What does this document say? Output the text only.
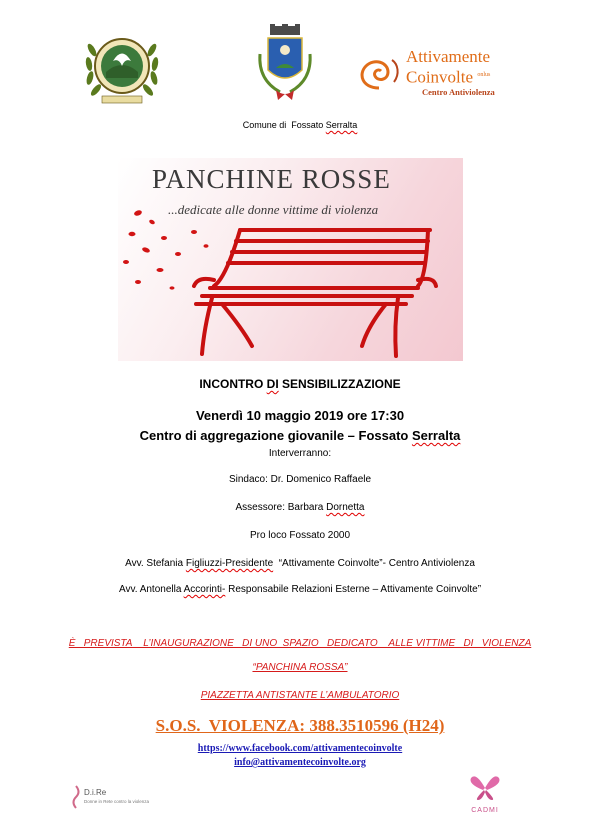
Attivamente
Coinvolte $^{onlus}$
Centro Antiviolenza
Comune di Fossato Serralta
PANCHINE ROSSE
...dedicate alle donne vittime di violenza
INCONTRO DI SENSIBILIZZAZIONE
Venerdì 10 maggio 2019 ore 17:30
Centro di aggregazione giovanile – Fossato Serralta
Interverranno:
Sindaco: Dr. Domenico Raffaele
Assessore: Barbara Dornetta
Pro loco Fossato 2000
Avv. Stefania Figliuzzi-Presidente  “Attivamente Coinvolte”- Centro Antiviolenza
Avv. Antonella Accorinti- Responsabile Relazioni Esterne – Attivamente Coinvolte”
È   PREVISTA    L’INAUGURAZIONE   DI UNO  SPAZIO   DEDICATO    ALLE VITTIME   DI   VIOLENZA
“PANCHINA ROSSA”
PIAZZETTA ANTISTANTE L’AMBULATORIO
S.O.S.  VIOLENZA: 388.3510596 (H24)
https://www.facebook.com/attivamentecoinvolte
info@attivamentecoinvolte.org
D.i.Re
Donne in Rete contro la violenza
CADMI
